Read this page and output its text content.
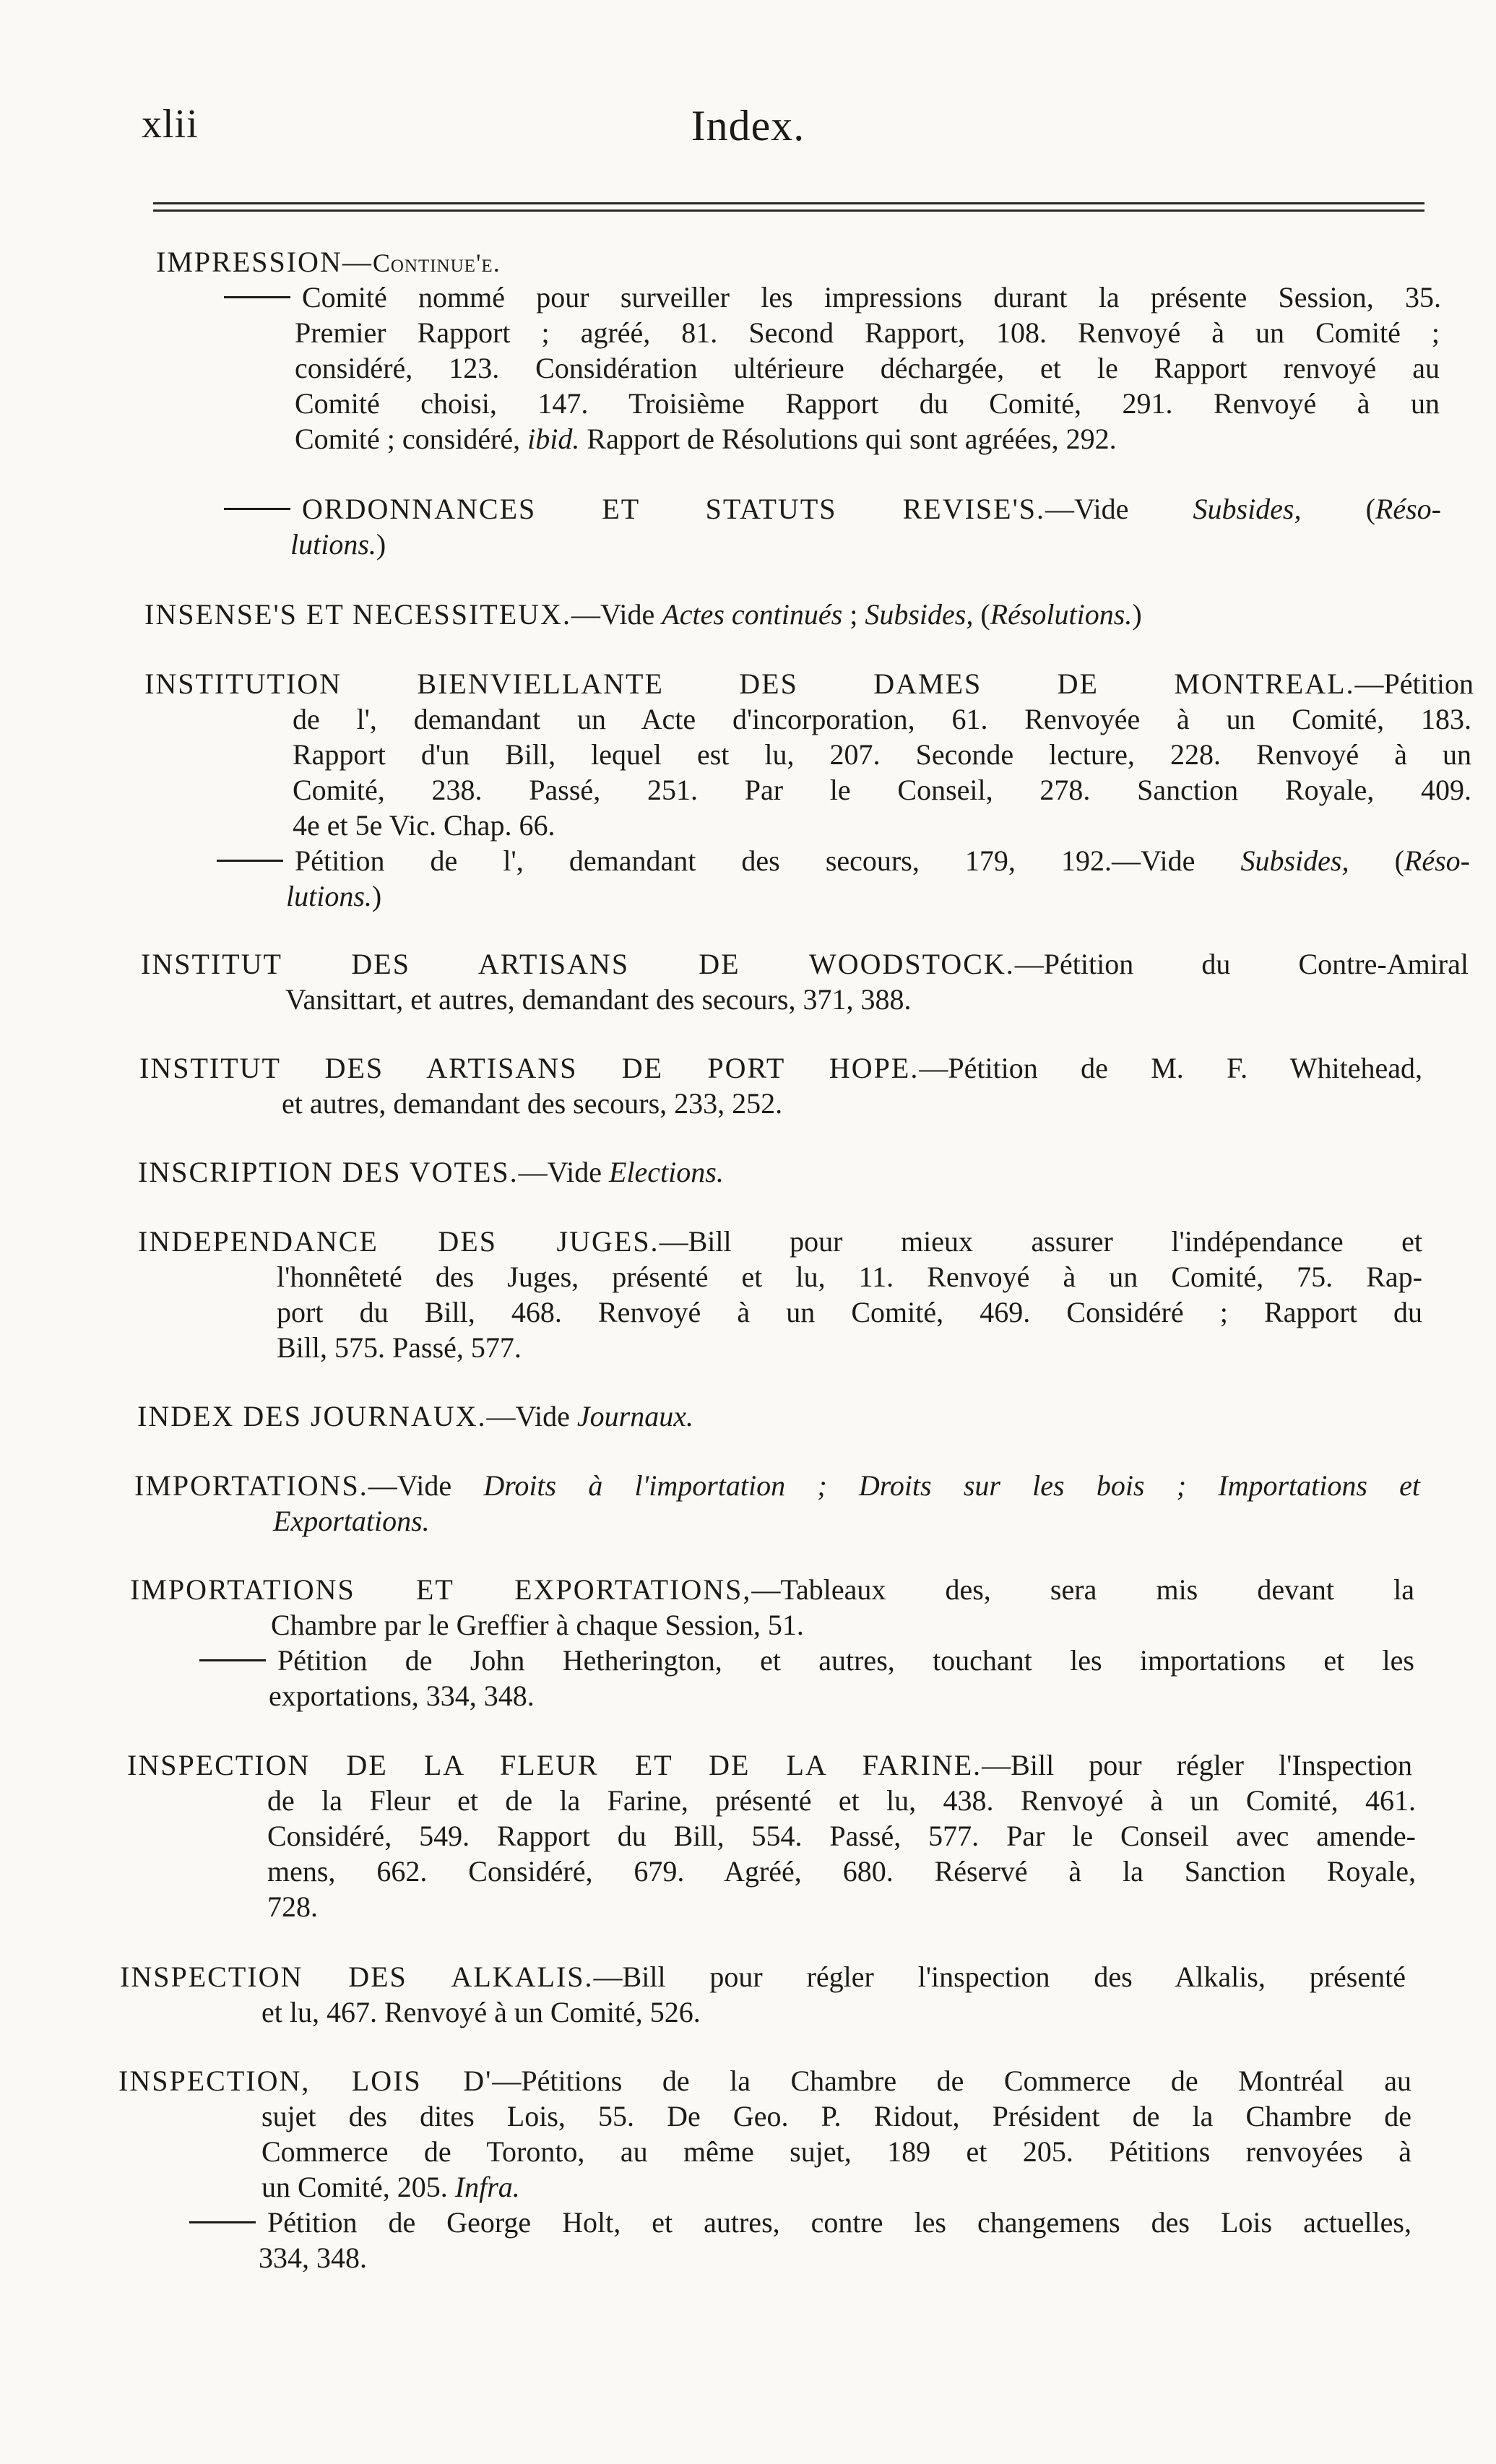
xlii	Index.
IMPRESSION—Continue'e.
Comité nommé pour surveiller les impressions durant la présente Session, 35.
Premier Rapport ; agréé, 81. Second Rapport, 108. Renvoyé à un Comité ;
considéré, 123. Considération ultérieure déchargée, et le Rapport renvoyé au
Comité choisi, 147. Troisième Rapport du Comité, 291. Renvoyé à un
Comité ; considéré, ibid. Rapport de Résolutions qui sont agréées, 292.
ORDONNANCES ET STATUTS REVISE'S.—Vide Subsides, (Réso-
lutions.)
INSENSE'S ET NECESSITEUX.—Vide Actes continués ; Subsides, (Résolutions.)
INSTITUTION BIENVIELLANTE DES DAMES DE MONTREAL.—Pétition
de l', demandant un Acte d'incorporation, 61. Renvoyée à un Comité, 183.
Rapport d'un Bill, lequel est lu, 207. Seconde lecture, 228. Renvoyé à un
Comité, 238. Passé, 251. Par le Conseil, 278. Sanction Royale, 409.
4e et 5e Vic. Chap. 66.
Pétition de l', demandant des secours, 179, 192.—Vide Subsides, (Réso-
lutions.)
INSTITUT DES ARTISANS DE WOODSTOCK.—Pétition du Contre-Amiral
Vansittart, et autres, demandant des secours, 371, 388.
INSTITUT DES ARTISANS DE PORT HOPE.—Pétition de M. F. Whitehead,
et autres, demandant des secours, 233, 252.
INSCRIPTION DES VOTES.—Vide Elections.
INDEPENDANCE DES JUGES.—Bill pour mieux assurer l'indépendance et
l'honnêteté des Juges, présenté et lu, 11. Renvoyé à un Comité, 75. Rap-
port du Bill, 468. Renvoyé à un Comité, 469. Considéré ; Rapport du
Bill, 575. Passé, 577.
INDEX DES JOURNAUX.—Vide Journaux.
IMPORTATIONS.—Vide Droits à l'importation ; Droits sur les bois ; Importations et
Exportations.
IMPORTATIONS ET EXPORTATIONS,—Tableaux des, sera mis devant la
Chambre par le Greffier à chaque Session, 51.
Pétition de John Hetherington, et autres, touchant les importations et les
exportations, 334, 348.
INSPECTION DE LA FLEUR ET DE LA FARINE.—Bill pour régler l'Inspection
de la Fleur et de la Farine, présenté et lu, 438. Renvoyé à un Comité, 461.
Considéré, 549. Rapport du Bill, 554. Passé, 577. Par le Conseil avec amende-
mens, 662. Considéré, 679. Agréé, 680. Réservé à la Sanction Royale,
728.
INSPECTION DES ALKALIS.—Bill pour régler l'inspection des Alkalis, présenté
et lu, 467. Renvoyé à un Comité, 526.
INSPECTION, LOIS D'—Pétitions de la Chambre de Commerce de Montréal au
sujet des dites Lois, 55. De Geo. P. Ridout, Président de la Chambre de
Commerce de Toronto, au même sujet, 189 et 205. Pétitions renvoyées à
un Comité, 205. Infra.
Pétition de George Holt, et autres, contre les changemens des Lois actuelles,
334, 348.
